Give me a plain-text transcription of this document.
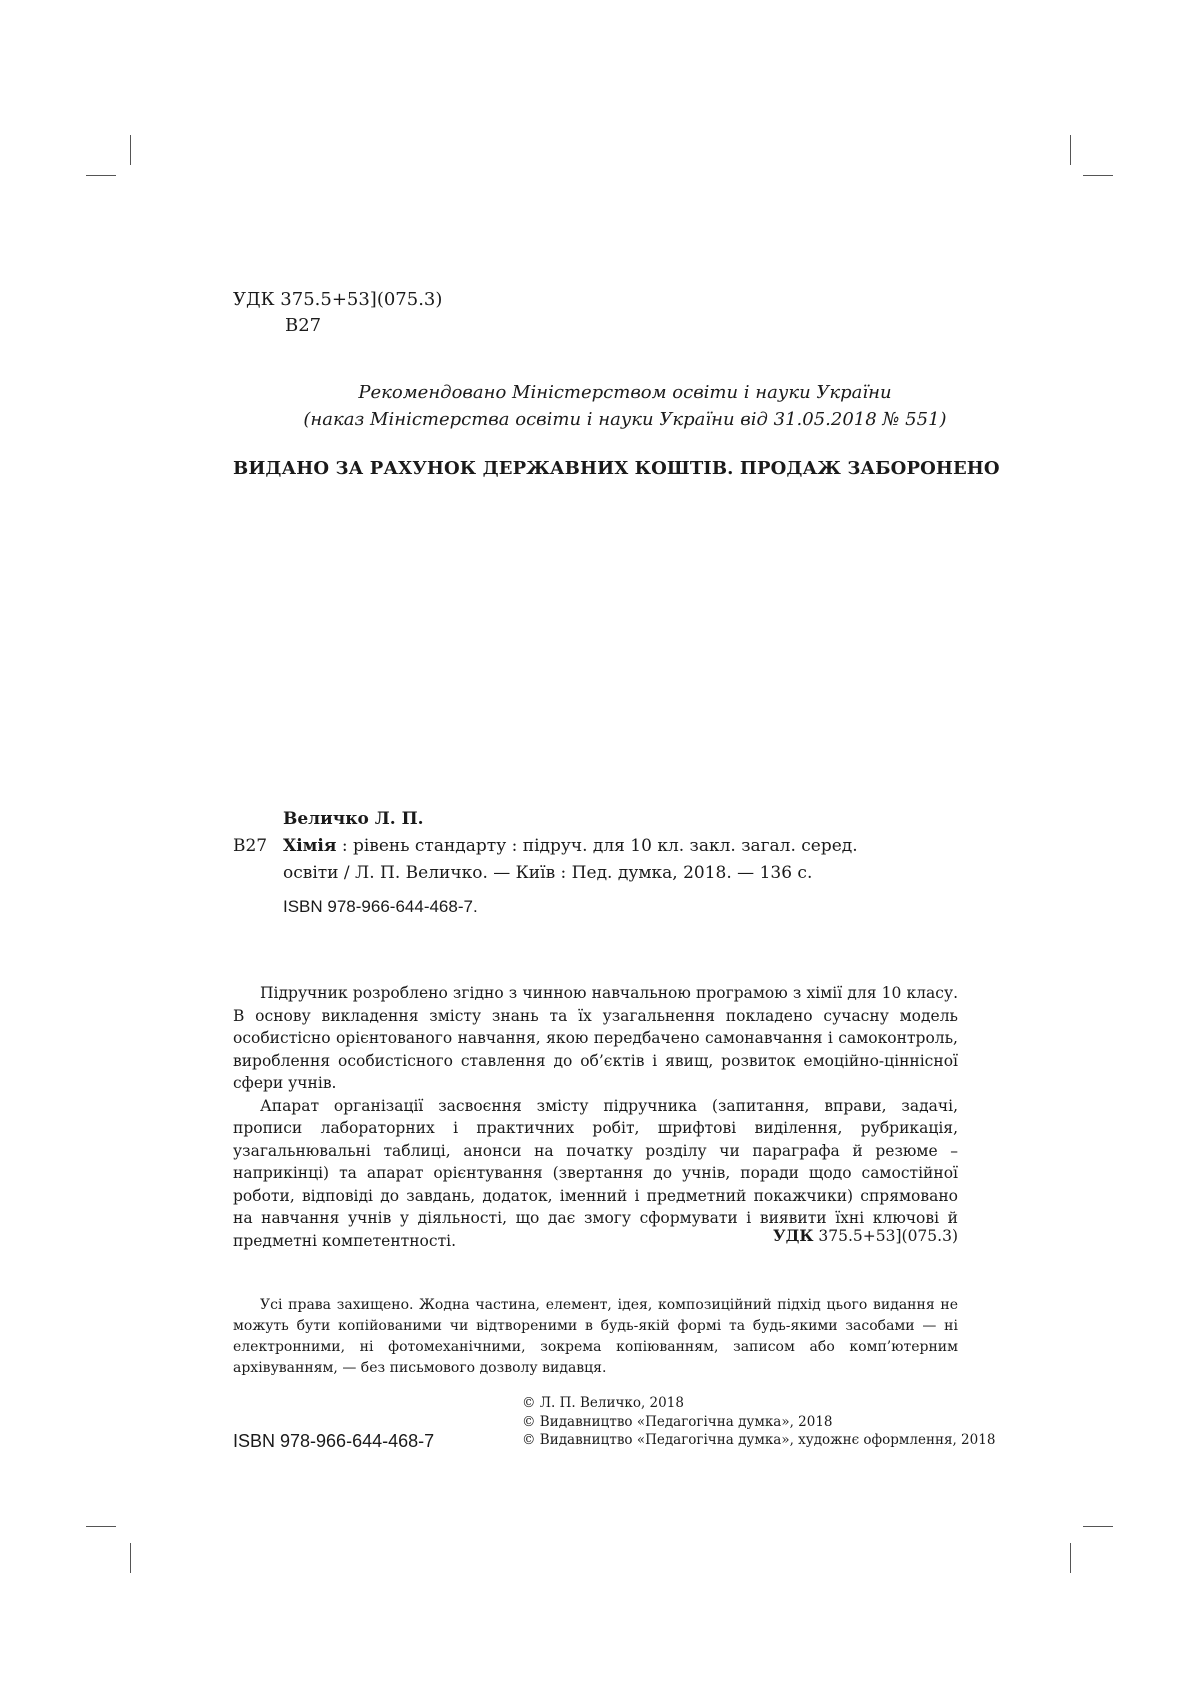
УДК 375.5+53](075.3)
В27
Рекомендовано Міністерством освіти і науки України
(наказ Міністерства освіти і науки України від 31.05.2018 № 551)
ВИДАНО ЗА РАХУНОК ДЕРЖАВНИХ КОШТІВ. ПРОДАЖ ЗАБОРОНЕНО
Величко Л. П.
В27 Хімія : рівень стандарту : підруч. для 10 кл. закл. загал. серед.
освіти / Л. П. Величко. — Київ : Пед. думка, 2018. — 136 с.
ISBN 978-966-644-468-7.

Підручник розроблено згідно з чинною навчальною програмою з хімії для 10 класу. В основу викладення змісту знань та їх узагальнення покладено сучасну модель особистісно орієнтованого навчання, якою передбачено самонавчання і самоконтроль, вироблення особистісного ставлення до об’єктів і явищ, розвиток емоційно-ціннісної сфери учнів.

Апарат організації засвоєння змісту підручника (запитання, вправи, задачі, прописи лабораторних і практичних робіт, шрифтові виділення, рубрикація, узагальнювальні таблиці, анонси на початку розділу чи параграфа й резюме – наприкінці) та апарат орієнтування (звертання до учнів, поради щодо самостійної роботи, відповіді до завдань, додаток, іменний і предметний покажчики) спрямовано на навчання учнів у діяльності, що дає змогу сформувати і виявити їхні ключові й предметні компетентності.	УДК 375.5+53](075.3)
Усі права захищено. Жодна частина, елемент, ідея, композиційний підхід цього видання не можуть бути копійованими чи відтвореними в будь-якій формі та будь-якими засобами — ні електронними, ні фотомеханічними, зокрема копіюванням, записом або комп’ютерним архівуванням, — без письмового дозволу видавця.
ISBN 978-966-644-468-7
© Л. П. Величко, 2018
© Видавництво «Педагогічна думка», 2018
© Видавництво «Педагогічна думка», художнє оформлення, 2018
